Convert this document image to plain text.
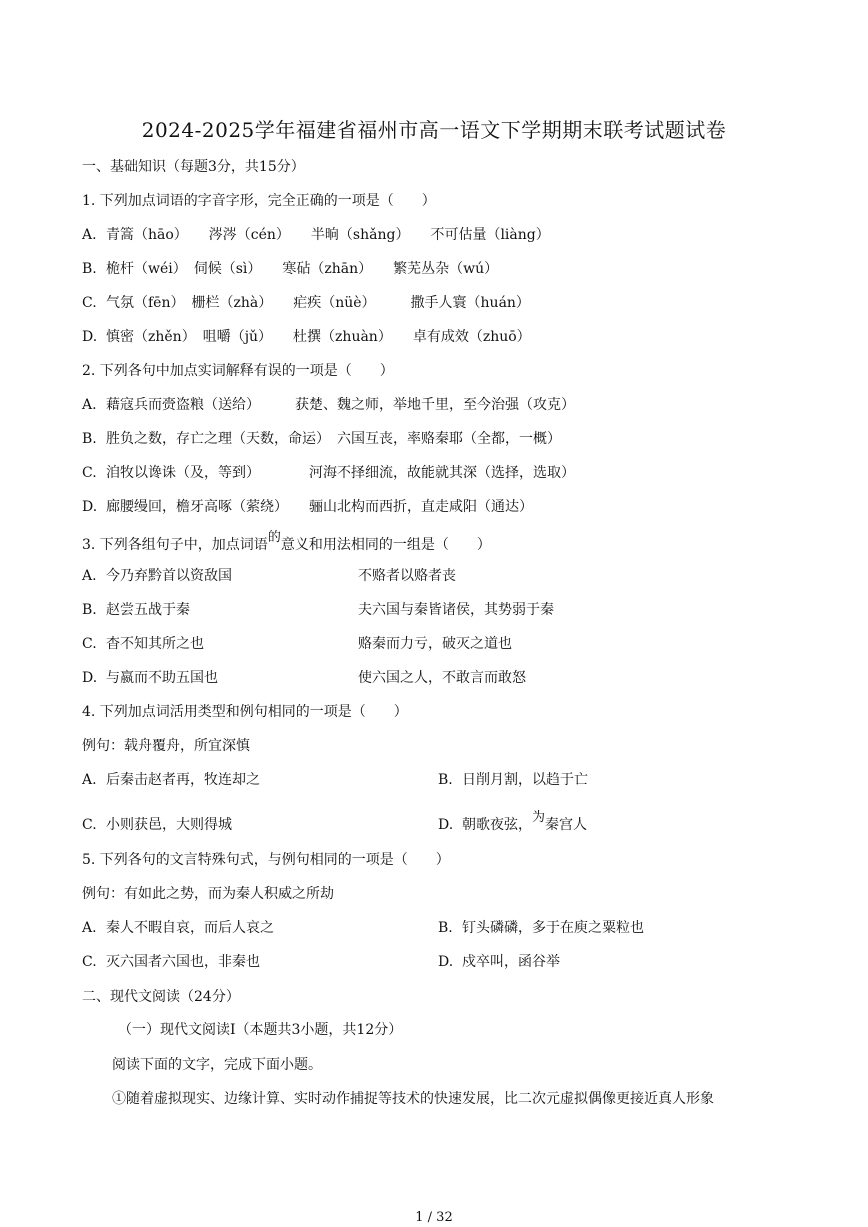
2024-2025学年福建省福州市高一语文下学期期末联考试题试卷
一、基础知识（每题3分，共15分）
1. 下列加点词语的字音字形，完全正确的一项是（　　）
A. 青篙（hāo）　　涔涔（cén）　　半晌（shǎng）　　不可估量（liàng）
B. 桅杆（wéi）　伺候（sì）　　寒砧（zhān）　　繁芜丛杂（wú）
C. 气氛（fēn）　栅栏（zhà）　　疟疾（nüè）　　　撒手人寰（huán）
D. 慎密（zhěn）　咀嚼（jǔ）　　杜撰（zhuàn）　　卓有成效（zhuō）
2. 下列各句中加点实词解释有误的一项是（　　）
A. 藉寇兵而赍盗粮（送给）　　　获楚、魏之师，举地千里，至今治强（攻克）
B. 胜负之数，存亡之理（天数，命运）　六国互丧，率赂秦耶（全都，一概）
C. 洎牧以谗诛（及，等到）　　　　河海不择细流，故能就其深（选择，选取）
D. 廊腰缦回，檐牙高啄（萦绕）　　骊山北构而西折，直走咸阳（通达）
3. 下列各组句子中，加点词语的意义和用法相同的一组是（　　）
A. 今乃弃黔首以资敌国	不赂者以赂者丧
B. 赵尝五战于秦	夫六国与秦皆诸侯，其势弱于秦
C. 杳不知其所之也	赂秦而力亏，破灭之道也
D. 与嬴而不助五国也	使六国之人，不敢言而敢怒
4. 下列加点词活用类型和例句相同的一项是（　　）
例句：载舟覆舟，所宜深慎
A. 后秦击赵者再，牧连却之	B. 日削月割，以趋于亡
C. 小则获邑，大则得城	D. 朝歌夜弦，为秦宫人
5. 下列各句的文言特殊句式，与例句相同的一项是（　　）
例句：有如此之势，而为秦人积威之所劫
A. 秦人不暇自哀，而后人哀之	B. 钉头磷磷，多于在庾之粟粒也
C. 灭六国者六国也，非秦也	D. 戍卒叫，函谷举
二、现代文阅读（24分）
（一）现代文阅读Ⅰ（本题共3小题，共12分）
阅读下面的文字，完成下面小题。
①随着虚拟现实、边缘计算、实时动作捕捉等技术的快速发展，比二次元虚拟偶像更接近真人形象
1 / 32
